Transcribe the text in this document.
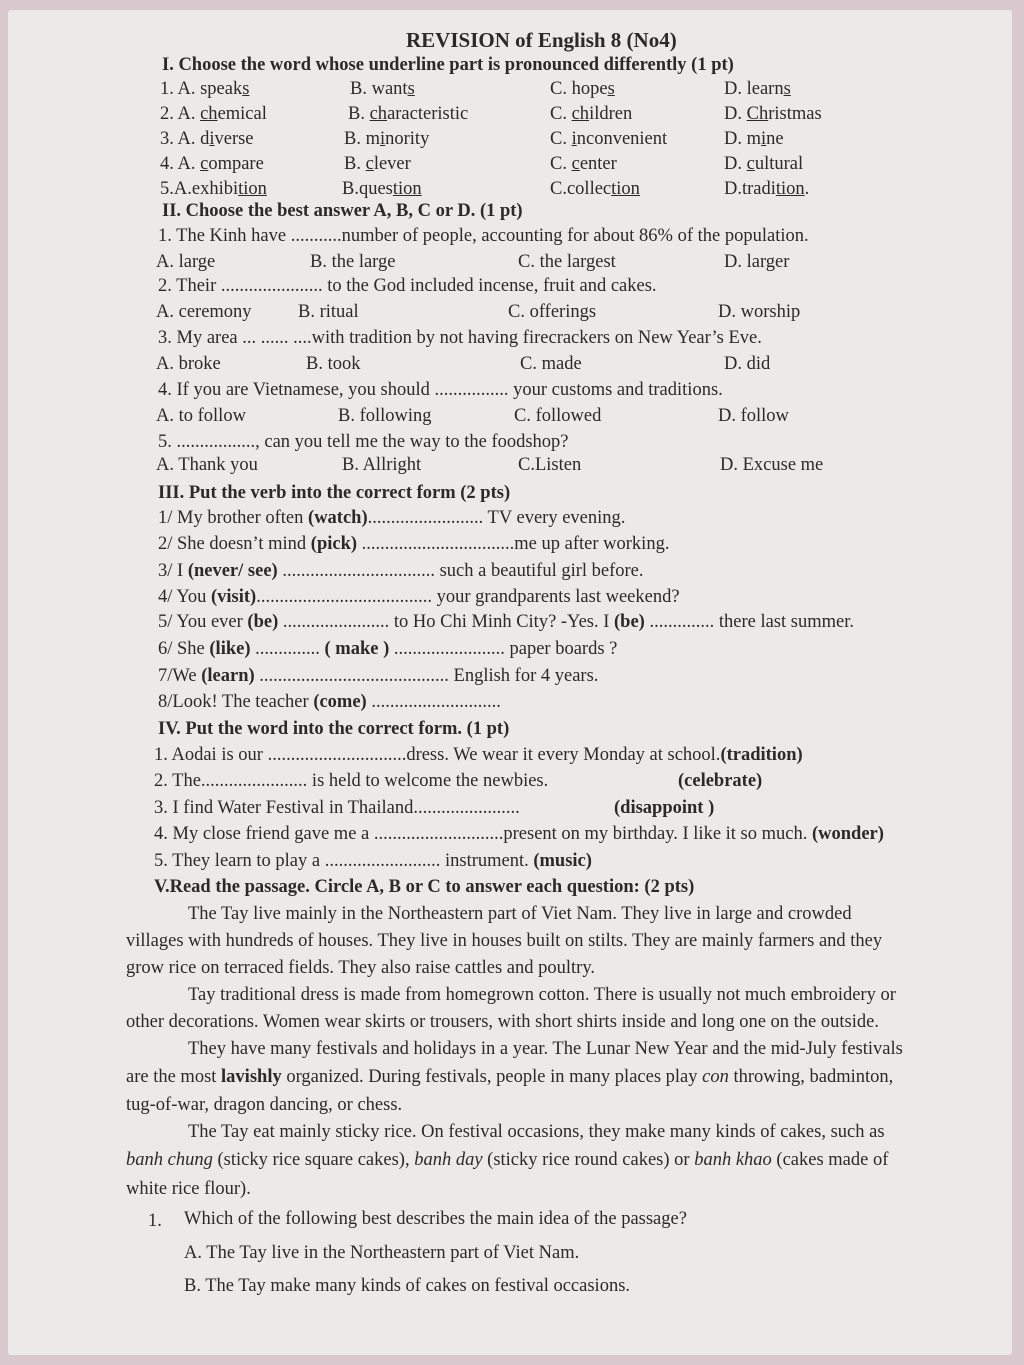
REVISION of English 8 (No4)
I. Choose the word whose underline part is pronounced differently (1 pt)
II. Choose the best answer A, B, C or D. (1 pt)
1. The Kinh have ...........number of people, accounting for about 86% of the population.
A. large	B. the large	C. the largest	D. larger
2. Their ...................... to the God included incense, fruit and cakes.
A. ceremony	B. ritual	C. offerings	D. worship
3. My area ... ...... ....with tradition by not having firecrackers on New Year’s Eve.
A. broke	B. took	C. made	D. did
4. If you are Vietnamese, you should ................ your customs and traditions.
A. to follow	B. following	C. followed	D. follow
5. ................., can you tell me the way to the foodshop?
A. Thank you	B. Allright	C.Listen	D. Excuse me
III. Put the verb into the correct form (2 pts)
IV. Put the word into the correct form. (1 pt)
1. Aodai is our ..............................dress. We wear it every Monday at school.(tradition)
2. The....................... is held to welcome the newbies.	(celebrate)
3. I find Water Festival in Thailand.......................	(disappoint )
4. My close friend gave me a ............................present on my birthday. I like it so much. (wonder)
5. They learn to play a ......................... instrument. (music)
V.Read the passage. Circle A, B or C to answer each question: (2 pts)
The Tay live mainly in the Northeastern part of Viet Nam. They live in large and crowded
villages with hundreds of houses. They live in houses built on stilts. They are mainly farmers and they
grow rice on terraced fields. They also raise cattles and poultry.
Tay traditional dress is made from homegrown cotton. There is usually not much embroidery or
other decorations. Women wear skirts or trousers, with short shirts inside and long one on the outside.
They have many festivals and holidays in a year. The Lunar New Year and the mid-July festivals
are the most lavishly organized. During festivals, people in many places play con throwing, badminton,
tug-of-war, dragon dancing, or chess.
The Tay eat mainly sticky rice. On festival occasions, they make many kinds of cakes, such as
banh chung (sticky rice square cakes), banh day (sticky rice round cakes) or banh khao (cakes made of
white rice flour).
1. Which of the following best describes the main idea of the passage?
A. The Tay live in the Northeastern part of Viet Nam.
B. The Tay make many kinds of cakes on festival occasions.
1. A. speaks	B. wants	C. hopes	D. learns
2. A. chemical	B. characteristic	C. children	D. Christmas
3. A. diverse	B. minority	C. inconvenient	D. mine
4. A. compare	B. clever	C. center	D. cultural
5.A.exhibition	B.question	C.collection	D.tradition.
1/ My brother often (watch)......................... TV every evening.
2/ She doesn’t mind (pick) .................................me up after working.
3/ I (never/ see) ................................. such a beautiful girl before.
4/ You (visit)...................................... your grandparents last weekend?
5/ You ever (be) ....................... to Ho Chi Minh City? -Yes. I (be) .............. there last summer.
6/ She (like) .............. ( make ) ........................ paper boards ?
7/We (learn) ......................................... English for 4 years.
8/Look! The teacher (come) ............................
